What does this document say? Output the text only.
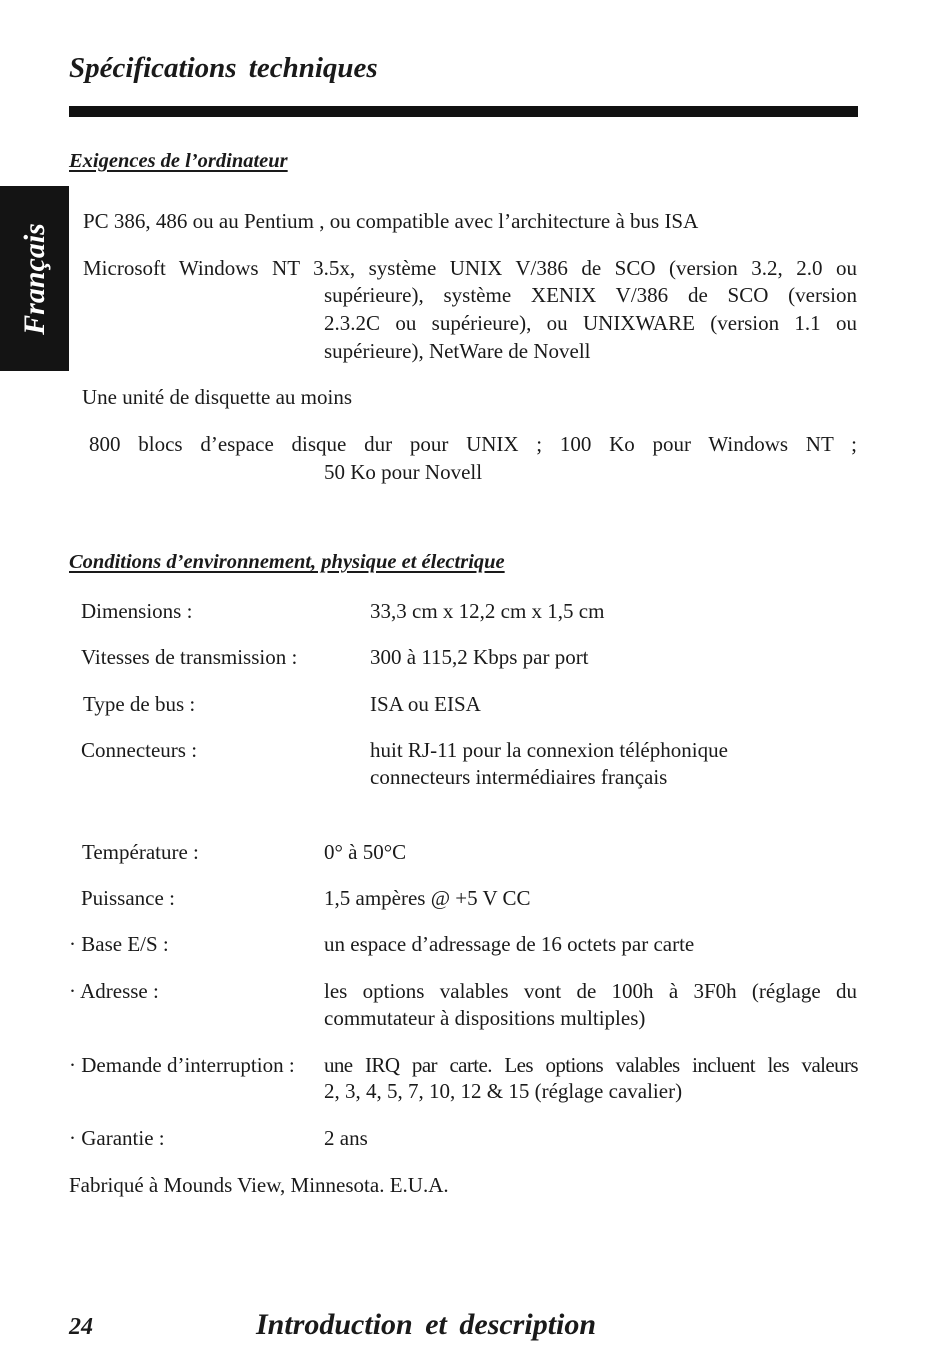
Spécifications techniques
Français
Exigences de l’ordinateur
PC 386, 486 ou au Pentium , ou compatible avec l’architecture à bus ISA
Microsoft Windows NT 3.5x, système UNIX V/386 de SCO (version 3.2, 2.0 ou
supérieure), système XENIX V/386 de SCO (version
2.3.2C ou supérieure), ou UNIXWARE (version 1.1 ou
supérieure), NetWare de Novell
Une unité de disquette au moins
800 blocs d’espace disque dur pour UNIX ; 100 Ko pour Windows NT ;
50 Ko pour Novell
Conditions d’environnement, physique et électrique
Dimensions :	33,3 cm x 12,2 cm x 1,5 cm
Vitesses de transmission :	300 à 115,2 Kbps par port
Type de bus :	ISA ou EISA
Connecteurs :	huit RJ-11 pour la connexion téléphonique
connecteurs intermédiaires français
Température :	0° à 50°C
Puissance :	1,5 ampères @ +5 V CC
· Base E/S :	un espace d’adressage de 16 octets par carte
· Adresse :	les options valables vont de 100h à 3F0h (réglage du
commutateur à dispositions multiples)
· Demande d’interruption : une IRQ par carte. Les options valables incluent les valeurs
2, 3, 4, 5, 7, 10, 12 & 15 (réglage cavalier)
· Garantie :	2 ans
Fabriqué à Mounds View, Minnesota. E.U.A.
24	Introduction et description
